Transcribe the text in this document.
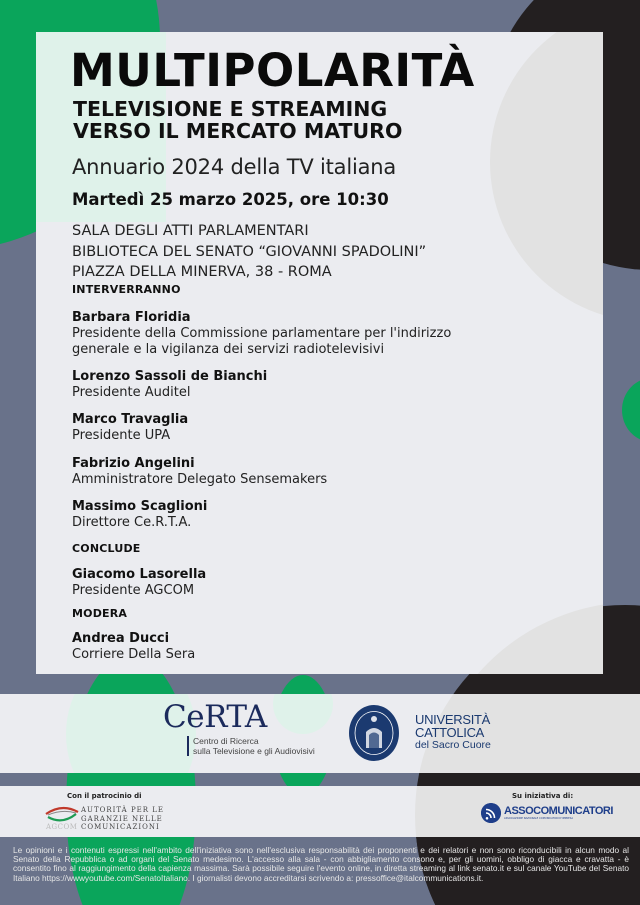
MULTIPOLARITÀ
TELEVISIONE E STREAMING
VERSO IL MERCATO MATURO
Annuario 2024 della TV italiana
Martedì 25 marzo 2025, ore 10:30
SALA DEGLI ATTI PARLAMENTARI
BIBLIOTECA DEL SENATO “GIOVANNI SPADOLINI”
PIAZZA DELLA MINERVA, 38 - ROMA
INTERVERRANNO
Barbara Floridia
Presidente della Commissione parlamentare per l'indirizzo
generale e la vigilanza dei servizi radiotelevisivi
Lorenzo Sassoli de Bianchi
Presidente Auditel
Marco Travaglia
Presidente UPA
Fabrizio Angelini
Amministratore Delegato Sensemakers
Massimo Scaglioni
Direttore Ce.R.T.A.
CONCLUDE
Giacomo Lasorella
Presidente AGCOM
MODERA
Andrea Ducci
Corriere Della Sera
CeRTA
Centro di Ricerca
sulla Televisione e gli Audiovisivi
UNIVERSITÀ
CATTOLICA
del Sacro Cuore
Con il patrocinio di
AUTORITÀ PER LE
GARANZIE NELLE
COMUNICAZIONI
AGCOM
Su iniziativa di:
ASSOCOMUNICATORI
ASSOCIAZIONE NAZIONALE COMUNICATORI D'IMPRESA
Le opinioni e i contenuti espressi nell'ambito dell'iniziativa sono nell'esclusiva responsabilità dei proponenti e dei relatori e non sono riconducibili in alcun modo al Senato della Repubblica o ad organi del Senato medesimo. L'accesso alla sala - con abbigliamento consono e, per gli uomini, obbligo di giacca e cravatta - è consentito fino al raggiungimento della capienza massima. Sarà possibile seguire l'evento online, in diretta streaming al link senato.it e sul canale YouTube del Senato Italiano https://wwwyoutube.com/SenatoItaliano. I giornalisti devono accreditarsi scrivendo a: pressoffice@italcommunications.it.
